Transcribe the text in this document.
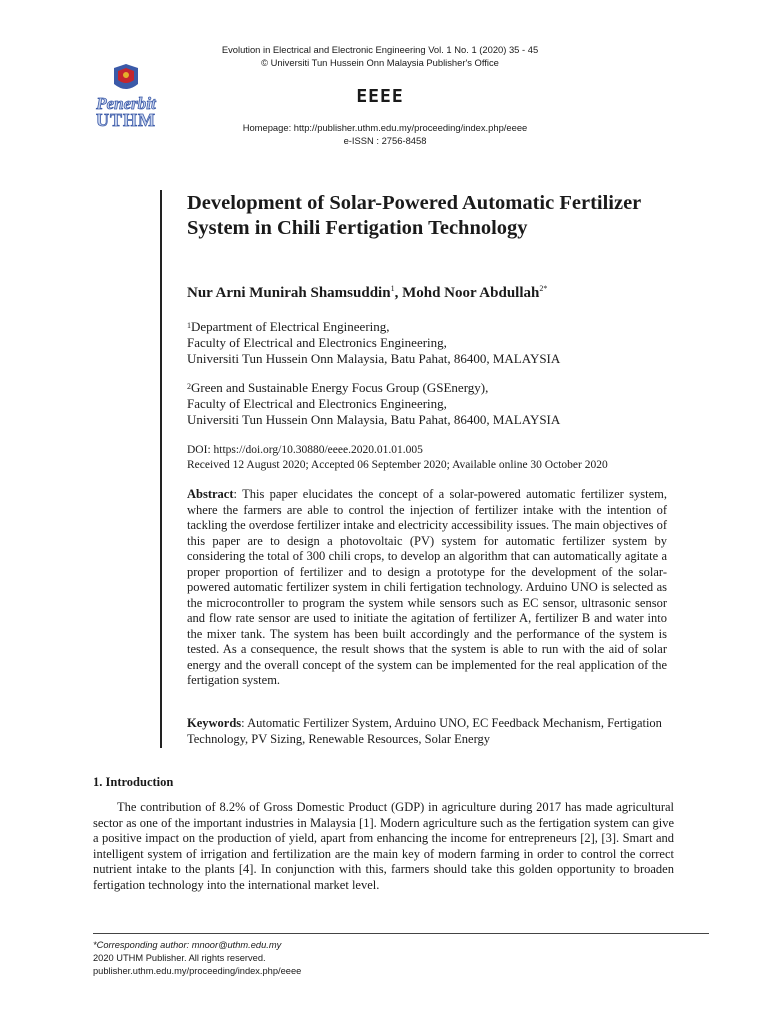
Evolution in Electrical and Electronic Engineering Vol. 1 No. 1 (2020) 35 - 45
© Universiti Tun Hussein Onn Malaysia Publisher's Office
Penerbit
UTHM
EEEE
Homepage: http://publisher.uthm.edu.my/proceeding/index.php/eeee
e-ISSN : 2756-8458
Development of Solar-Powered Automatic Fertilizer System in Chili Fertigation Technology
Nur Arni Munirah Shamsuddin$^1$, Mohd Noor Abdullah$^{2*}$
$^1$Department of Electrical Engineering,
Faculty of Electrical and Electronics Engineering,
Universiti Tun Hussein Onn Malaysia, Batu Pahat, 86400, MALAYSIA
$^2$Green and Sustainable Energy Focus Group (GSEnergy),
Faculty of Electrical and Electronics Engineering,
Universiti Tun Hussein Onn Malaysia, Batu Pahat, 86400, MALAYSIA
DOI: https://doi.org/10.30880/eeee.2020.01.01.005
Received 12 August 2020; Accepted 06 September 2020; Available online 30 October 2020
Abstract: This paper elucidates the concept of a solar-powered automatic fertilizer system, where the farmers are able to control the injection of fertilizer intake with the intention of tackling the overdose fertilizer intake and electricity accessibility issues. The main objectives of this paper are to design a photovoltaic (PV) system for automatic fertilizer system by considering the total of 300 chili crops, to develop an algorithm that can automatically agitate a proper proportion of fertilizer and to design a prototype for the development of the solar-powered automatic fertilizer system in chili fertigation technology. Arduino UNO is selected as the microcontroller to program the system while sensors such as EC sensor, ultrasonic sensor and flow rate sensor are used to initiate the agitation of fertilizer A, fertilizer B and water into the mixer tank. The system has been built accordingly and the performance of the system is tested. As a consequence, the result shows that the system is able to run with the aid of solar energy and the overall concept of the system can be implemented for the real application of the fertigation system.
Keywords: Automatic Fertilizer System, Arduino UNO, EC Feedback Mechanism, Fertigation Technology, PV Sizing, Renewable Resources, Solar Energy
1. Introduction
The contribution of 8.2% of Gross Domestic Product (GDP) in agriculture during 2017 has made agricultural sector as one of the important industries in Malaysia [1]. Modern agriculture such as the fertigation system can give a positive impact on the production of yield, apart from enhancing the income for entrepreneurs [2], [3]. Smart and intelligent system of irrigation and fertilization are the main key of modern farming in order to control the correct nutrient intake to the plants [4]. In conjunction with this, farmers should take this golden opportunity to broaden fertigation technology into the international market level.
*Corresponding author: mnoor@uthm.edu.my
2020 UTHM Publisher. All rights reserved.
publisher.uthm.edu.my/proceeding/index.php/eeee
